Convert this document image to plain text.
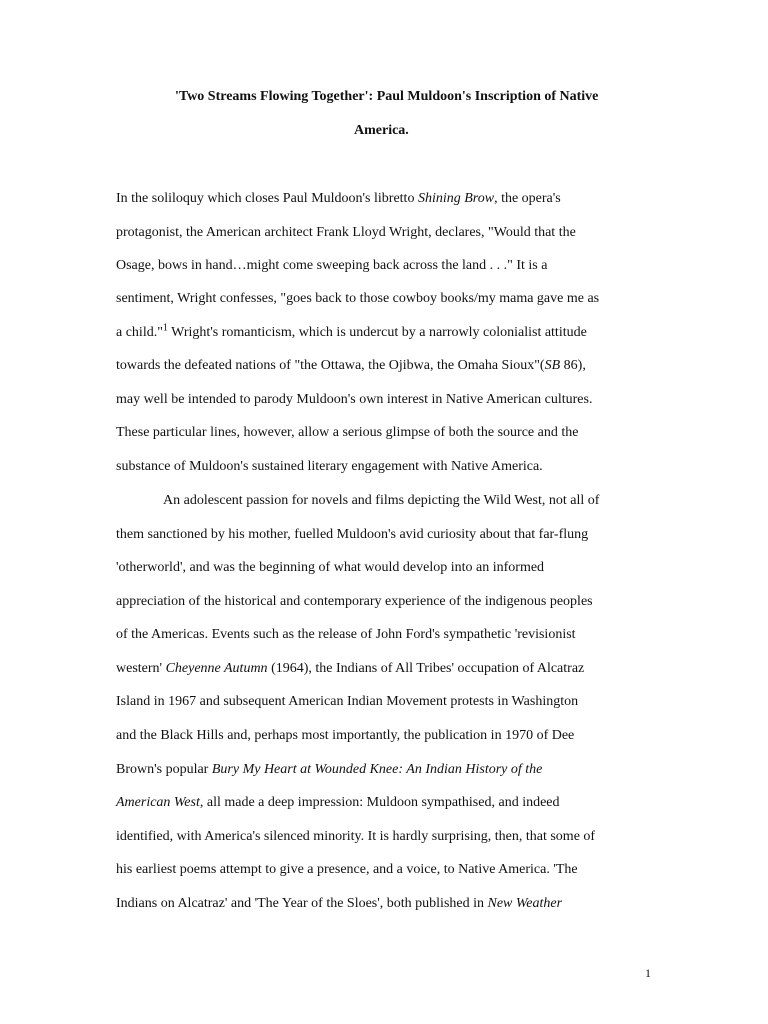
'Two Streams Flowing Together': Paul Muldoon's Inscription of Native
America.
In the soliloquy which closes Paul Muldoon's libretto Shining Brow, the opera's
protagonist, the American architect Frank Lloyd Wright, declares, "Would that the
Osage, bows in hand…might come sweeping back across the land . . ." It is a
sentiment, Wright confesses, "goes back to those cowboy books/my mama gave me as
a child."$^1$ Wright's romanticism, which is undercut by a narrowly colonialist attitude
towards the defeated nations of "the Ottawa, the Ojibwa, the Omaha Sioux"(SB 86),
may well be intended to parody Muldoon's own interest in Native American cultures.
These particular lines, however, allow a serious glimpse of both the source and the
substance of Muldoon's sustained literary engagement with Native America.
An adolescent passion for novels and films depicting the Wild West, not all of
them sanctioned by his mother, fuelled Muldoon's avid curiosity about that far-flung
'otherworld', and was the beginning of what would develop into an informed
appreciation of the historical and contemporary experience of the indigenous peoples
of the Americas. Events such as the release of John Ford's sympathetic 'revisionist
western' Cheyenne Autumn (1964), the Indians of All Tribes' occupation of Alcatraz
Island in 1967 and subsequent American Indian Movement protests in Washington
and the Black Hills and, perhaps most importantly, the publication in 1970 of Dee
Brown's popular Bury My Heart at Wounded Knee: An Indian History of the
American West, all made a deep impression: Muldoon sympathised, and indeed
identified, with America's silenced minority. It is hardly surprising, then, that some of
his earliest poems attempt to give a presence, and a voice, to Native America. 'The
Indians on Alcatraz' and 'The Year of the Sloes', both published in New Weather
1
